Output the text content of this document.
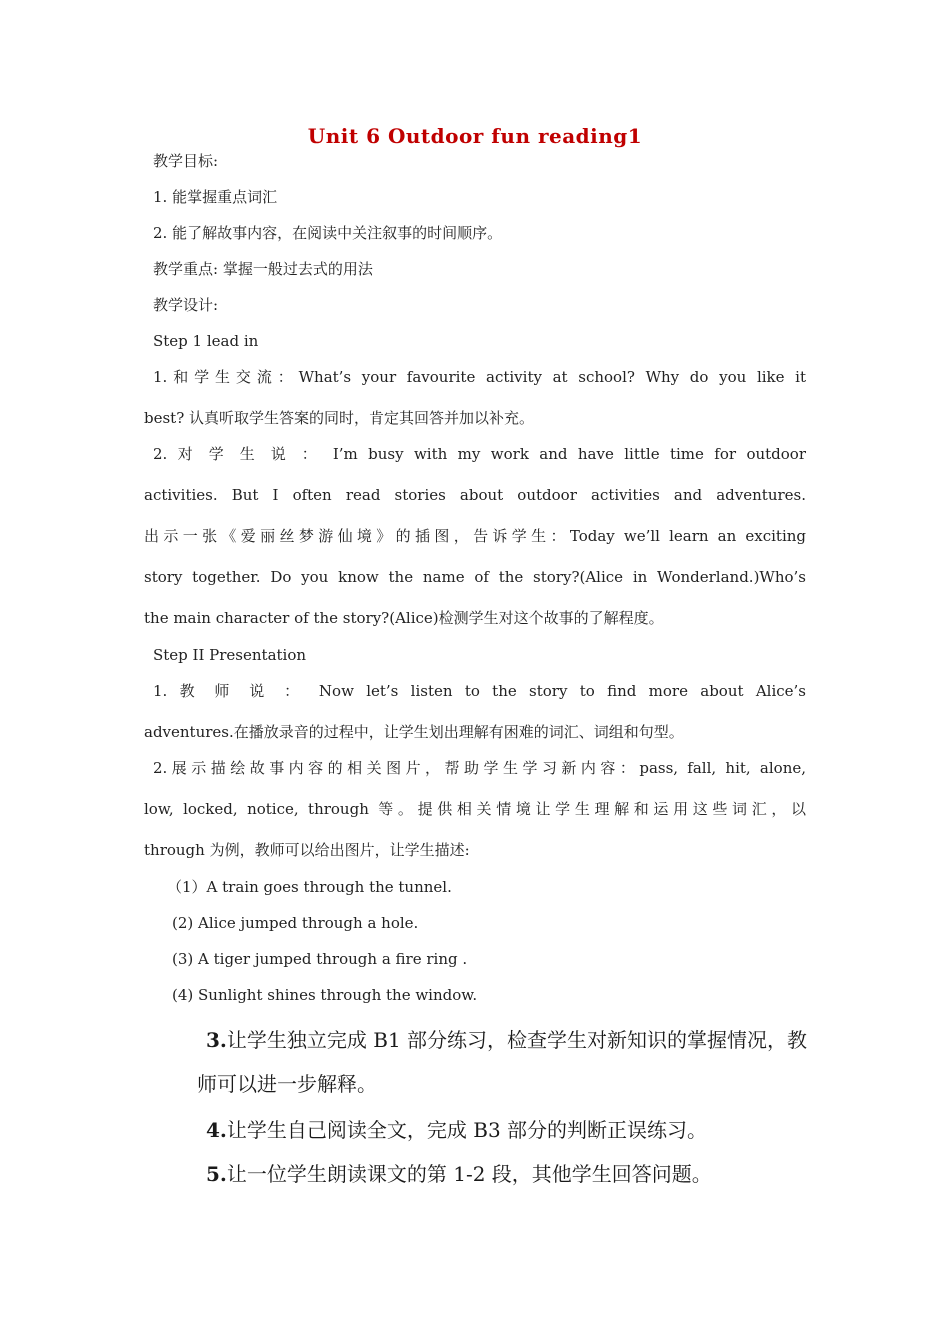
Unit 6 Outdoor fun reading1
教学目标:
1. 能掌握重点词汇
2. 能了解故事内容，在阅读中关注叙事的时间顺序。
教学重点: 掌握一般过去式的用法
教学设计:
Step 1 lead in
1.和学生交流：What’s your favourite activity at school? Why do you like it
best? 认真听取学生答案的同时，肯定其回答并加以补充。
2. 对 学 生 说 ： I’m busy with my work and have little time for outdoor
activities. But I often read stories about outdoor activities and adventures.
出示一张《爱丽丝梦游仙境》的插图，告诉学生：Today we’ll learn an exciting
story together. Do you know the name of the story?(Alice in Wonderland.)Who’s
the main character of the story?(Alice)检测学生对这个故事的了解程度。
Step II Presentation
1. 教 师 说 ： Now let’s listen to the story to find more about Alice’s
adventures.在播放录音的过程中，让学生划出理解有困难的词汇、词组和句型。
2.展示描绘故事内容的相关图片，帮助学生学习新内容：pass, fall, hit, alone,
low, locked, notice, through 等。提供相关情境让学生理解和运用这些词汇，以
through 为例，教师可以给出图片，让学生描述:
（1）A train goes through the tunnel.
(2) Alice jumped through a hole.
(3) A tiger jumped through a fire ring .
(4) Sunlight shines through the window.
3.让学生独立完成 B1 部分练习，检查学生对新知识的掌握情况，教
师可以进一步解释。
4.让学生自己阅读全文，完成 B3 部分的判断正误练习。
5.让一位学生朗读课文的第 1-2 段，其他学生回答问题。
